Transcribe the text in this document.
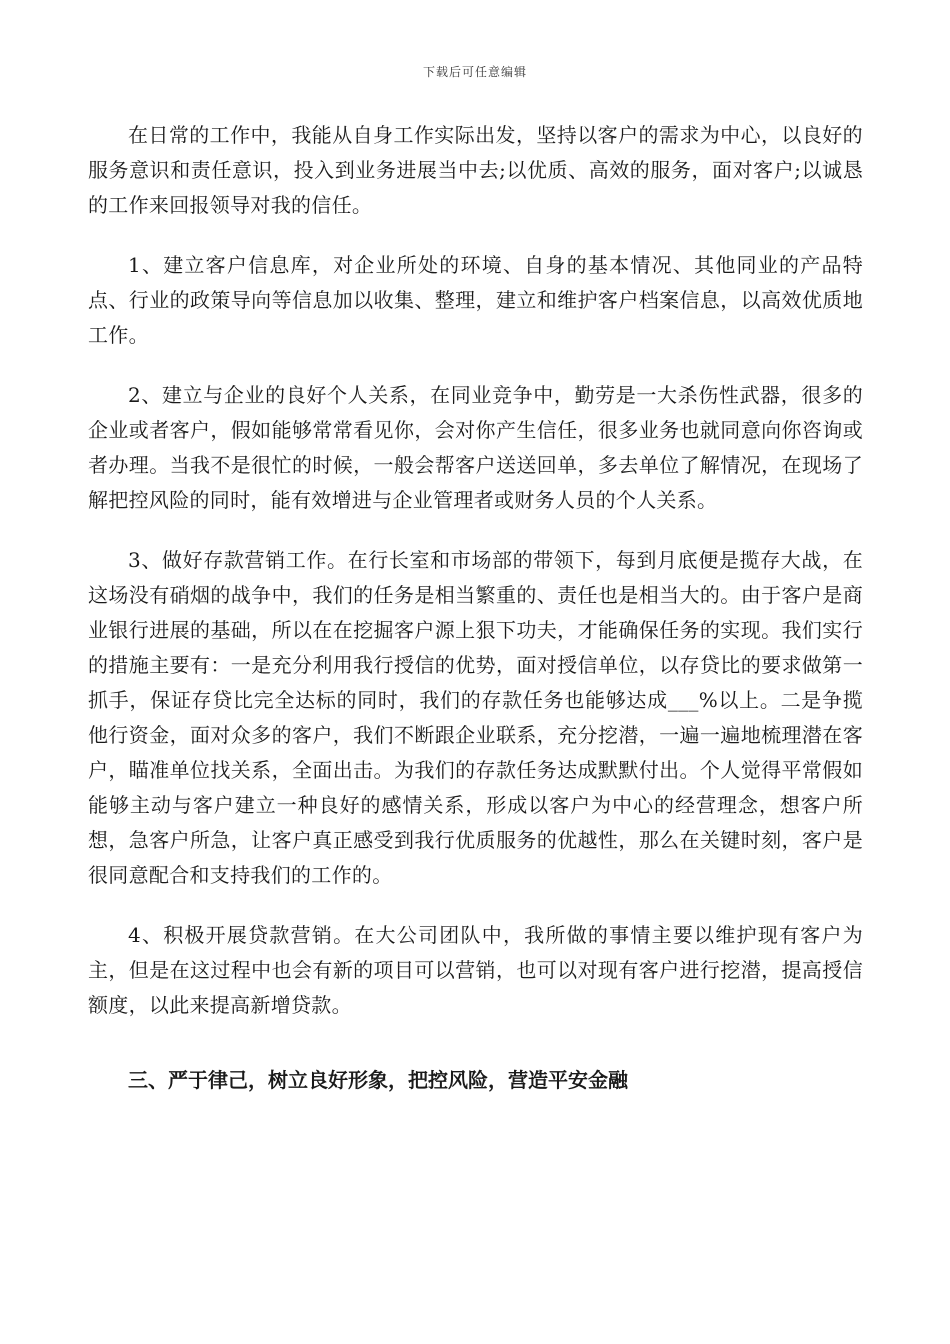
下载后可任意编辑

在日常的工作中，我能从自身工作实际出发，坚持以客户的需求为中心，以良好的服务意识和责任意识，投入到业务进展当中去;以优质、高效的服务，面对客户;以诚恳的工作来回报领导对我的信任。

1、建立客户信息库，对企业所处的环境、自身的基本情况、其他同业的产品特点、行业的政策导向等信息加以收集、整理，建立和维护客户档案信息，以高效优质地工作。

2、建立与企业的良好个人关系，在同业竞争中，勤劳是一大杀伤性武器，很多的企业或者客户，假如能够常常看见你，会对你产生信任，很多业务也就同意向你咨询或者办理。当我不是很忙的时候，一般会帮客户送送回单，多去单位了解情况，在现场了解把控风险的同时，能有效增进与企业管理者或财务人员的个人关系。

3、做好存款营销工作。在行长室和市场部的带领下，每到月底便是揽存大战，在这场没有硝烟的战争中，我们的任务是相当繁重的、责任也是相当大的。由于客户是商业银行进展的基础，所以在在挖掘客户源上狠下功夫，才能确保任务的实现。我们实行的措施主要有：一是充分利用我行授信的优势，面对授信单位，以存贷比的要求做第一抓手，保证存贷比完全达标的同时，我们的存款任务也能够达成___%以上。二是争揽他行资金，面对众多的客户，我们不断跟企业联系，充分挖潜，一遍一遍地梳理潜在客户，瞄准单位找关系，全面出击。为我们的存款任务达成默默付出。个人觉得平常假如能够主动与客户建立一种良好的感情关系，形成以客户为中心的经营理念，想客户所想，急客户所急，让客户真正感受到我行优质服务的优越性，那么在关键时刻，客户是很同意配合和支持我们的工作的。

4、积极开展贷款营销。在大公司团队中，我所做的事情主要以维护现有客户为主，但是在这过程中也会有新的项目可以营销，也可以对现有客户进行挖潜，提高授信额度，以此来提高新增贷款。

三、严于律己，树立良好形象，把控风险，营造平安金融
